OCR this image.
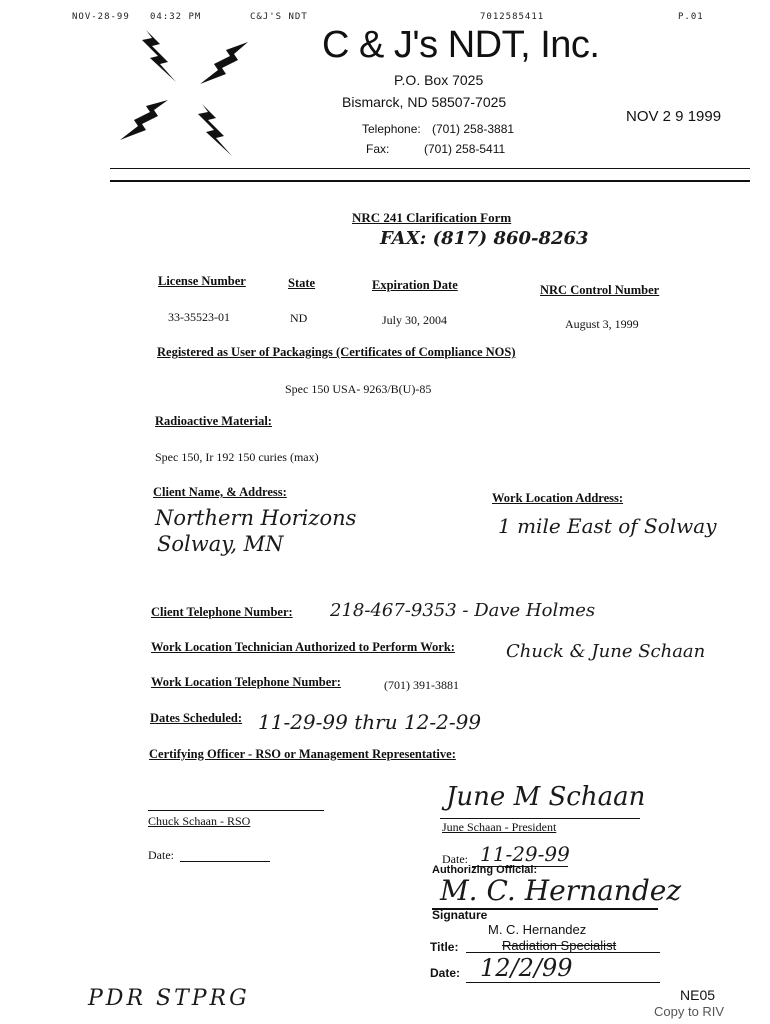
NOV-28-99 04:32 PM	C&J'S NDT	7012585411	P.01
C & J's NDT, Inc.
P.O. Box 7025
Bismarck, ND 58507-7025
Telephone: (701) 258-3881
Fax:	(701) 258-5411
NOV 2 9 1999
NRC 241 Clarification Form
FAX: (817) 860-8263
License Number	State	Expiration Date	NRC Control Number
33-35523-01	ND	July 30, 2004	August 3, 1999
Registered as User of Packagings (Certificates of Compliance NOS)
Spec 150 USA- 9263/B(U)-85
Radioactive Material:
Spec 150, Ir 192 150 curies (max)
Client Name, & Address:
Northern Horizons
Solway, MN
Work Location Address:
1 mile East of Solway
Client Telephone Number: 218-467-9353 - Dave Holmes
Work Location Technician Authorized to Perform Work:	Chuck & June Schaan
Work Location Telephone Number:	(701) 391-3881
Dates Scheduled: 11-29-99 thru 12-2-99
Certifying Officer - RSO or Management Representative:
Chuck Schaan - RSO
Date:
June M Schaan
June Schaan - President
Date: 11-29-99
Authorizing Official:
M. C. Hernandez
Signature
M. C. Hernandez
Title:	Radiation Specialist
Date: 12/2/99
PDR STPRG	NE05
Copy to RIV
